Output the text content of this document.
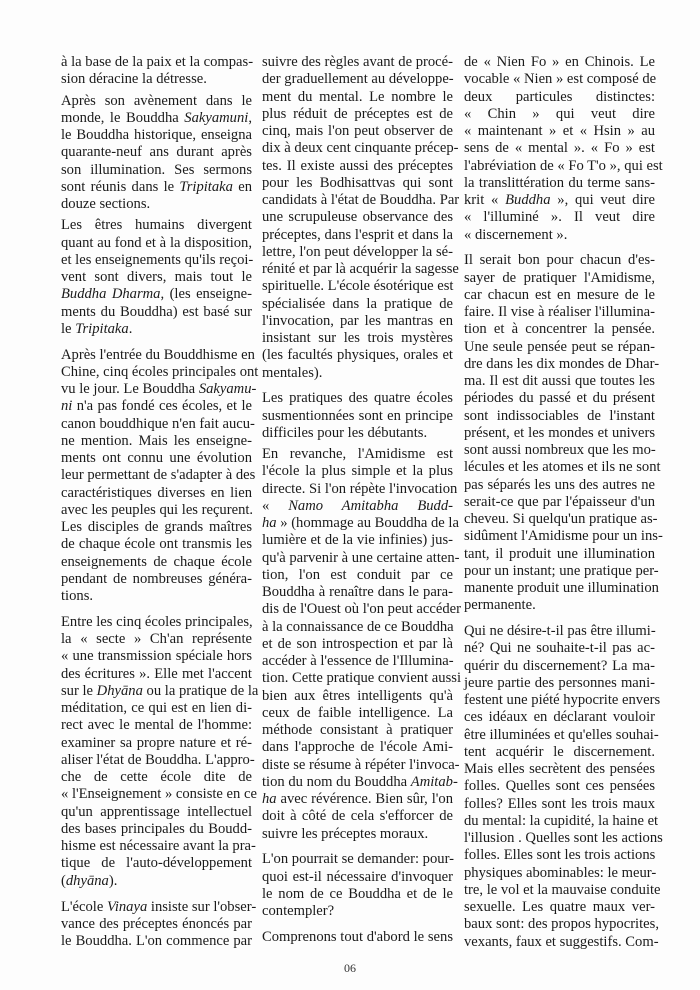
à la base de la paix et la compas-
sion déracine la détresse.
Après son avènement dans le
monde, le Bouddha Sakyamuni,
le Bouddha historique, enseigna
quarante-neuf ans durant après
son illumination. Ses sermons
sont réunis dans le Tripitaka en
douze sections.
Les êtres humains divergent
quant au fond et à la disposition,
et les enseignements qu'ils reçoi-
vent sont divers, mais tout le
Buddha Dharma, (les enseigne-
ments du Bouddha) est basé sur
le Tripitaka.
Après l'entrée du Bouddhisme en
Chine, cinq écoles principales ont
vu le jour. Le Bouddha Sakyamu-
ni n'a pas fondé ces écoles, et le
canon bouddhique n'en fait aucu-
ne mention. Mais les enseigne-
ments ont connu une évolution
leur permettant de s'adapter à des
caractéristiques diverses en lien
avec les peuples qui les reçurent.
Les disciples de grands maîtres
de chaque école ont transmis les
enseignements de chaque école
pendant de nombreuses généra-
tions.
Entre les cinq écoles principales,
la « secte » Ch'an représente
« une transmission spéciale hors
des écritures ». Elle met l'accent
sur le Dhyāna ou la pratique de la
méditation, ce qui est en lien di-
rect avec le mental de l'homme:
examiner sa propre nature et ré-
aliser l'état de Bouddha. L'appro-
che de cette école dite de
« l'Enseignement » consiste en ce
qu'un apprentissage intellectuel
des bases principales du Boudd-
hisme est nécessaire avant la pra-
tique de l'auto-développement
(dhyāna).
L'école Vinaya insiste sur l'obser-
vance des préceptes énoncés par
le Bouddha. L'on commence par
suivre des règles avant de procé-
der graduellement au développe-
ment du mental. Le nombre le
plus réduit de préceptes est de
cinq, mais l'on peut observer de
dix à deux cent cinquante précep-
tes. Il existe aussi des préceptes
pour les Bodhisattvas qui sont
candidats à l'état de Bouddha. Par
une scrupuleuse observance des
préceptes, dans l'esprit et dans la
lettre, l'on peut développer la sé-
rénité et par là acquérir la sagesse
spirituelle. L'école ésotérique est
spécialisée dans la pratique de
l'invocation, par les mantras en
insistant sur les trois mystères
(les facultés physiques, orales et
mentales).
Les pratiques des quatre écoles
susmentionnées sont en principe
difficiles pour les débutants.
En revanche, l'Amidisme est
l'école la plus simple et la plus
directe. Si l'on répète l'invocation
« Namo Amitabha Budd-
ha » (hommage au Bouddha de la
lumière et de la vie infinies) jus-
qu'à parvenir à une certaine atten-
tion, l'on est conduit par ce
Bouddha à renaître dans le para-
dis de l'Ouest où l'on peut accéder
à la connaissance de ce Bouddha
et de son introspection et par là
accéder à l'essence de l'Illumina-
tion. Cette pratique convient aussi
bien aux êtres intelligents qu'à
ceux de faible intelligence. La
méthode consistant à pratiquer
dans l'approche de l'école Ami-
diste se résume à répéter l'invoca-
tion du nom du Bouddha Amitab-
ha avec révérence. Bien sûr, l'on
doit à côté de cela s'efforcer de
suivre les préceptes moraux.
L'on pourrait se demander: pour-
quoi est-il nécessaire d'invoquer
le nom de ce Bouddha et de le
contempler?
Comprenons tout d'abord le sens
de « Nien Fo » en Chinois. Le
vocable « Nien » est composé de
deux particules distinctes:
« Chin » qui veut dire
« maintenant » et « Hsin » au
sens de « mental ». « Fo » est
l'abréviation de « Fo T'o », qui est
la translittération du terme sans-
krit « Buddha », qui veut dire
« l'illuminé ». Il veut dire
« discernement ».
Il serait bon pour chacun d'es-
sayer de pratiquer l'Amidisme,
car chacun est en mesure de le
faire. Il vise à réaliser l'illumina-
tion et à concentrer la pensée.
Une seule pensée peut se répan-
dre dans les dix mondes de Dhar-
ma. Il est dit aussi que toutes les
périodes du passé et du présent
sont indissociables de l'instant
présent, et les mondes et univers
sont aussi nombreux que les mo-
lécules et les atomes et ils ne sont
pas séparés les uns des autres ne
serait-ce que par l'épaisseur d'un
cheveu. Si quelqu'un pratique as-
sidûment l'Amidisme pour un ins-
tant, il produit une illumination
pour un instant; une pratique per-
manente produit une illumination
permanente.
Qui ne désire-t-il pas être illumi-
né? Qui ne souhaite-t-il pas ac-
quérir du discernement? La ma-
jeure partie des personnes mani-
festent une piété hypocrite envers
ces idéaux en déclarant vouloir
être illuminées et qu'elles souhai-
tent acquérir le discernement.
Mais elles secrètent des pensées
folles. Quelles sont ces pensées
folles? Elles sont les trois maux
du mental: la cupidité, la haine et
l'illusion . Quelles sont les actions
folles. Elles sont les trois actions
physiques abominables: le meur-
tre, le vol et la mauvaise conduite
sexuelle. Les quatre maux ver-
baux sont: des propos hypocrites,
vexants, faux et suggestifs. Com-
06
